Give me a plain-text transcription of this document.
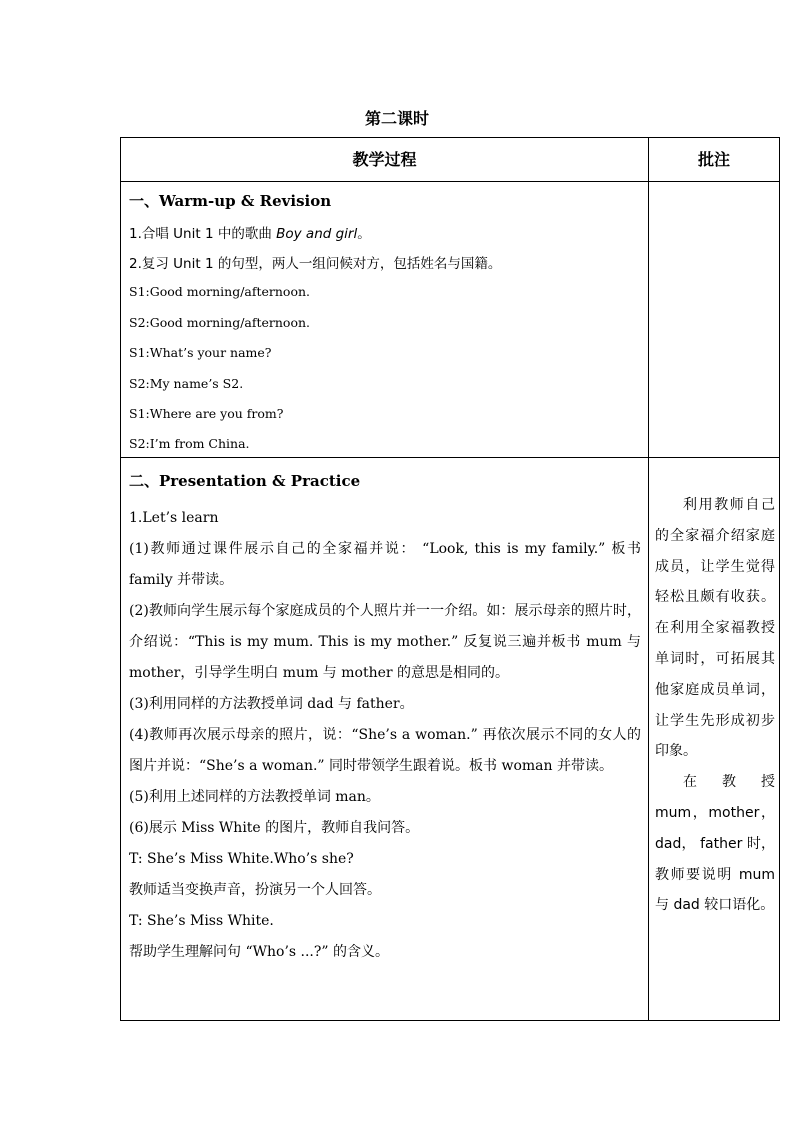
第二课时
教学过程	批注
一、Warm-up & Revision
1.合唱 Unit 1 中的歌曲 Boy and girl。
2.复习 Unit 1 的句型，两人一组问候对方，包括姓名与国籍。
S1:Good morning/afternoon.
S2:Good morning/afternoon.
S1:What’s your name?
S2:My name’s S2.
S1:Where are you from?
S2:I’m from China.
二、Presentation & Practice

1.Let’s learn

(1)教师通过课件展示自己的全家福并说： “Look, this is my family.” 板书 family 并带读。

(2)教师向学生展示每个家庭成员的个人照片并一一介绍。如：展示母亲的照片时，介绍说：“This is my mum. This is my mother.” 反复说三遍并板书 mum 与 mother，引导学生明白 mum 与 mother 的意思是相同的。

(3)利用同样的方法教授单词 dad 与 father。

(4)教师再次展示母亲的照片，说：“She’s a woman.” 再依次展示不同的女人的图片并说：“She’s a woman.” 同时带领学生跟着说。板书 woman 并带读。

(5)利用上述同样的方法教授单词 man。

(6)展示 Miss White 的图片，教师自我问答。

T: She’s Miss White.Who’s she?

教师适当变换声音，扮演另一个人回答。

T: She’s Miss White.

帮助学生理解问句 “Who’s ...?” 的含义。

利用教师自己的全家福介绍家庭成员，让学生觉得轻松且颇有收获。在利用全家福教授单词时，可拓展其他家庭成员单词，让学生先形成初步印象。

在教授 mum，mother， dad， father 时，教师要说明 mum 与 dad 较口语化。
